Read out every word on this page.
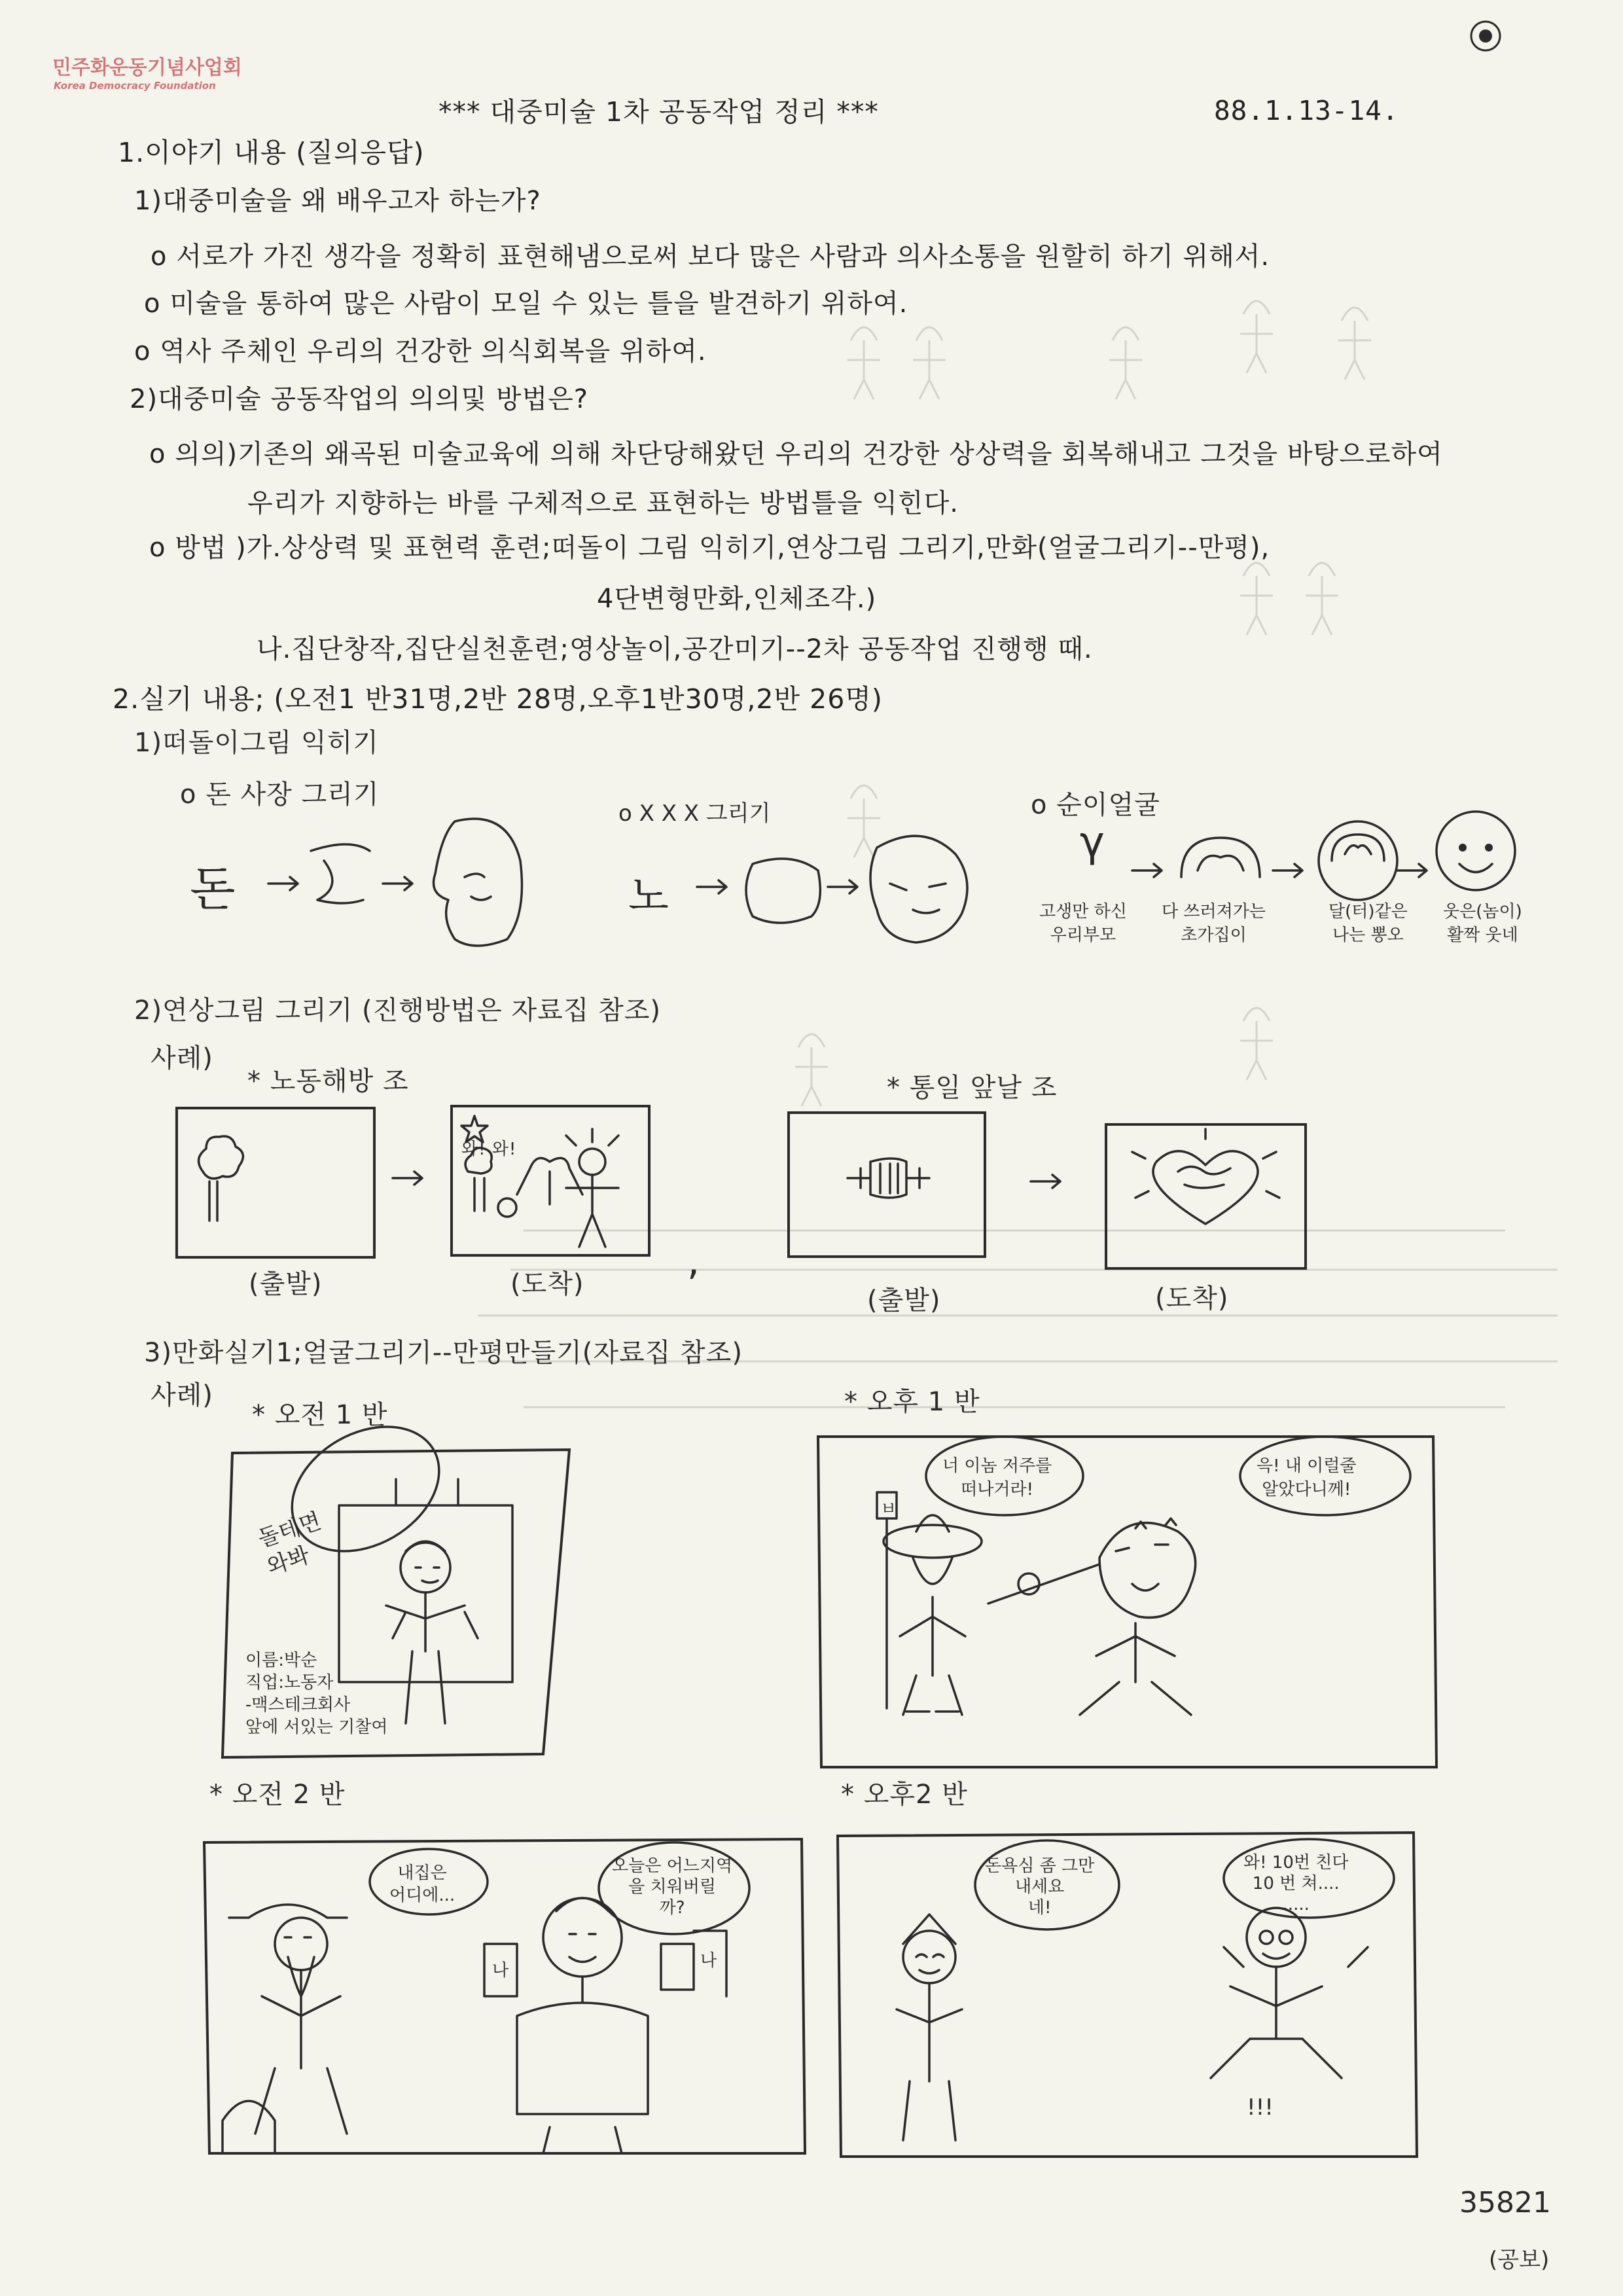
민주화운동기념사업회
Korea Democracy Foundation
*** 대중미술 1차 공동작업 정리 ***	88.1.13-14.
1.이야기 내용 (질의응답)
1)대중미술을 왜 배우고자 하는가?
o 서로가 가진 생각을 정확히 표현해냄으로써 보다 많은 사람과 의사소통을 원할히 하기 위해서.
o 미술을 통하여 많은 사람이 모일 수 있는 틀을 발견하기 위하여.
o 역사 주체인 우리의 건강한 의식회복을 위하여.
2)대중미술 공동작업의 의의및 방법은?
o 의의)기존의 왜곡된 미술교육에 의해 차단당해왔던 우리의 건강한 상상력을 회복해내고 그것을 바탕으로하여
우리가 지향하는 바를 구체적으로 표현하는 방법틀을 익힌다.
o 방법 )가.상상력 및 표현력 훈련;떠돌이 그림 익히기,연상그림 그리기,만화(얼굴그리기--만평),
4단변형만화,인체조각.)
나.집단창작,집단실천훈련;영상놀이,공간미기--2차 공동작업 진행행 때.
2.실기 내용; (오전1 반31명,2반 28명,오후1반30명,2반 26명)
1)떠돌이그림 익히기
o 돈 사장 그리기
o X X X 그리기	o 순이얼굴
돈	노
γ
고생만 하신
우리부모
다 쓰러져가는
초가집이
달(터)같은
나는 뽕오
웃은(놈이)
활짝 웃네
2)연상그림 그리기 (진행방법은 자료집 참조)
사례)
* 노동해방 조	* 통일 앞날 조
와! 와!
(출발)	(도착)	,
(출발)	(도착)
3)만화실기1;얼굴그리기--만평만들기(자료집 참조)
사례)
* 오전 1 반	* 오후 1 반
* 오전 2 반	* 오후2 반
돌테면
와봐
이름:박순
직업:노동자
-맥스테크회사
앞에 서있는 기찰여
너 이놈 저주를
떠나거라!
윽! 내 이럴줄
알았다니께!
ㅂ
내집은
어디에...
오늘은 어느지역
을 치워버릴
까?
나	나
돈욕심 좀 그만
내세요
네!
와! 10번 친다
10 번 쳐....
.....
!!!
35821
(공보)
